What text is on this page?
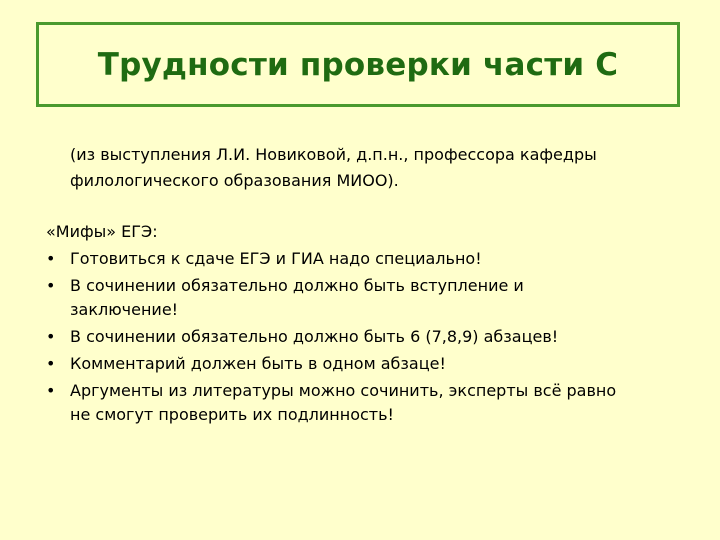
Трудности проверки части С
(из выступления Л.И. Новиковой, д.п.н., профессора кафедры
филологического образования МИОО).
«Мифы» ЕГЭ:
• Готовиться к сдаче ЕГЭ и ГИА надо специально!
• В сочинении обязательно должно быть вступление и
заключение!
• В сочинении обязательно должно быть 6 (7,8,9) абзацев!
• Комментарий должен быть в одном абзаце!
• Аргументы из литературы можно сочинить, эксперты всё равно
не смогут проверить их подлинность!
